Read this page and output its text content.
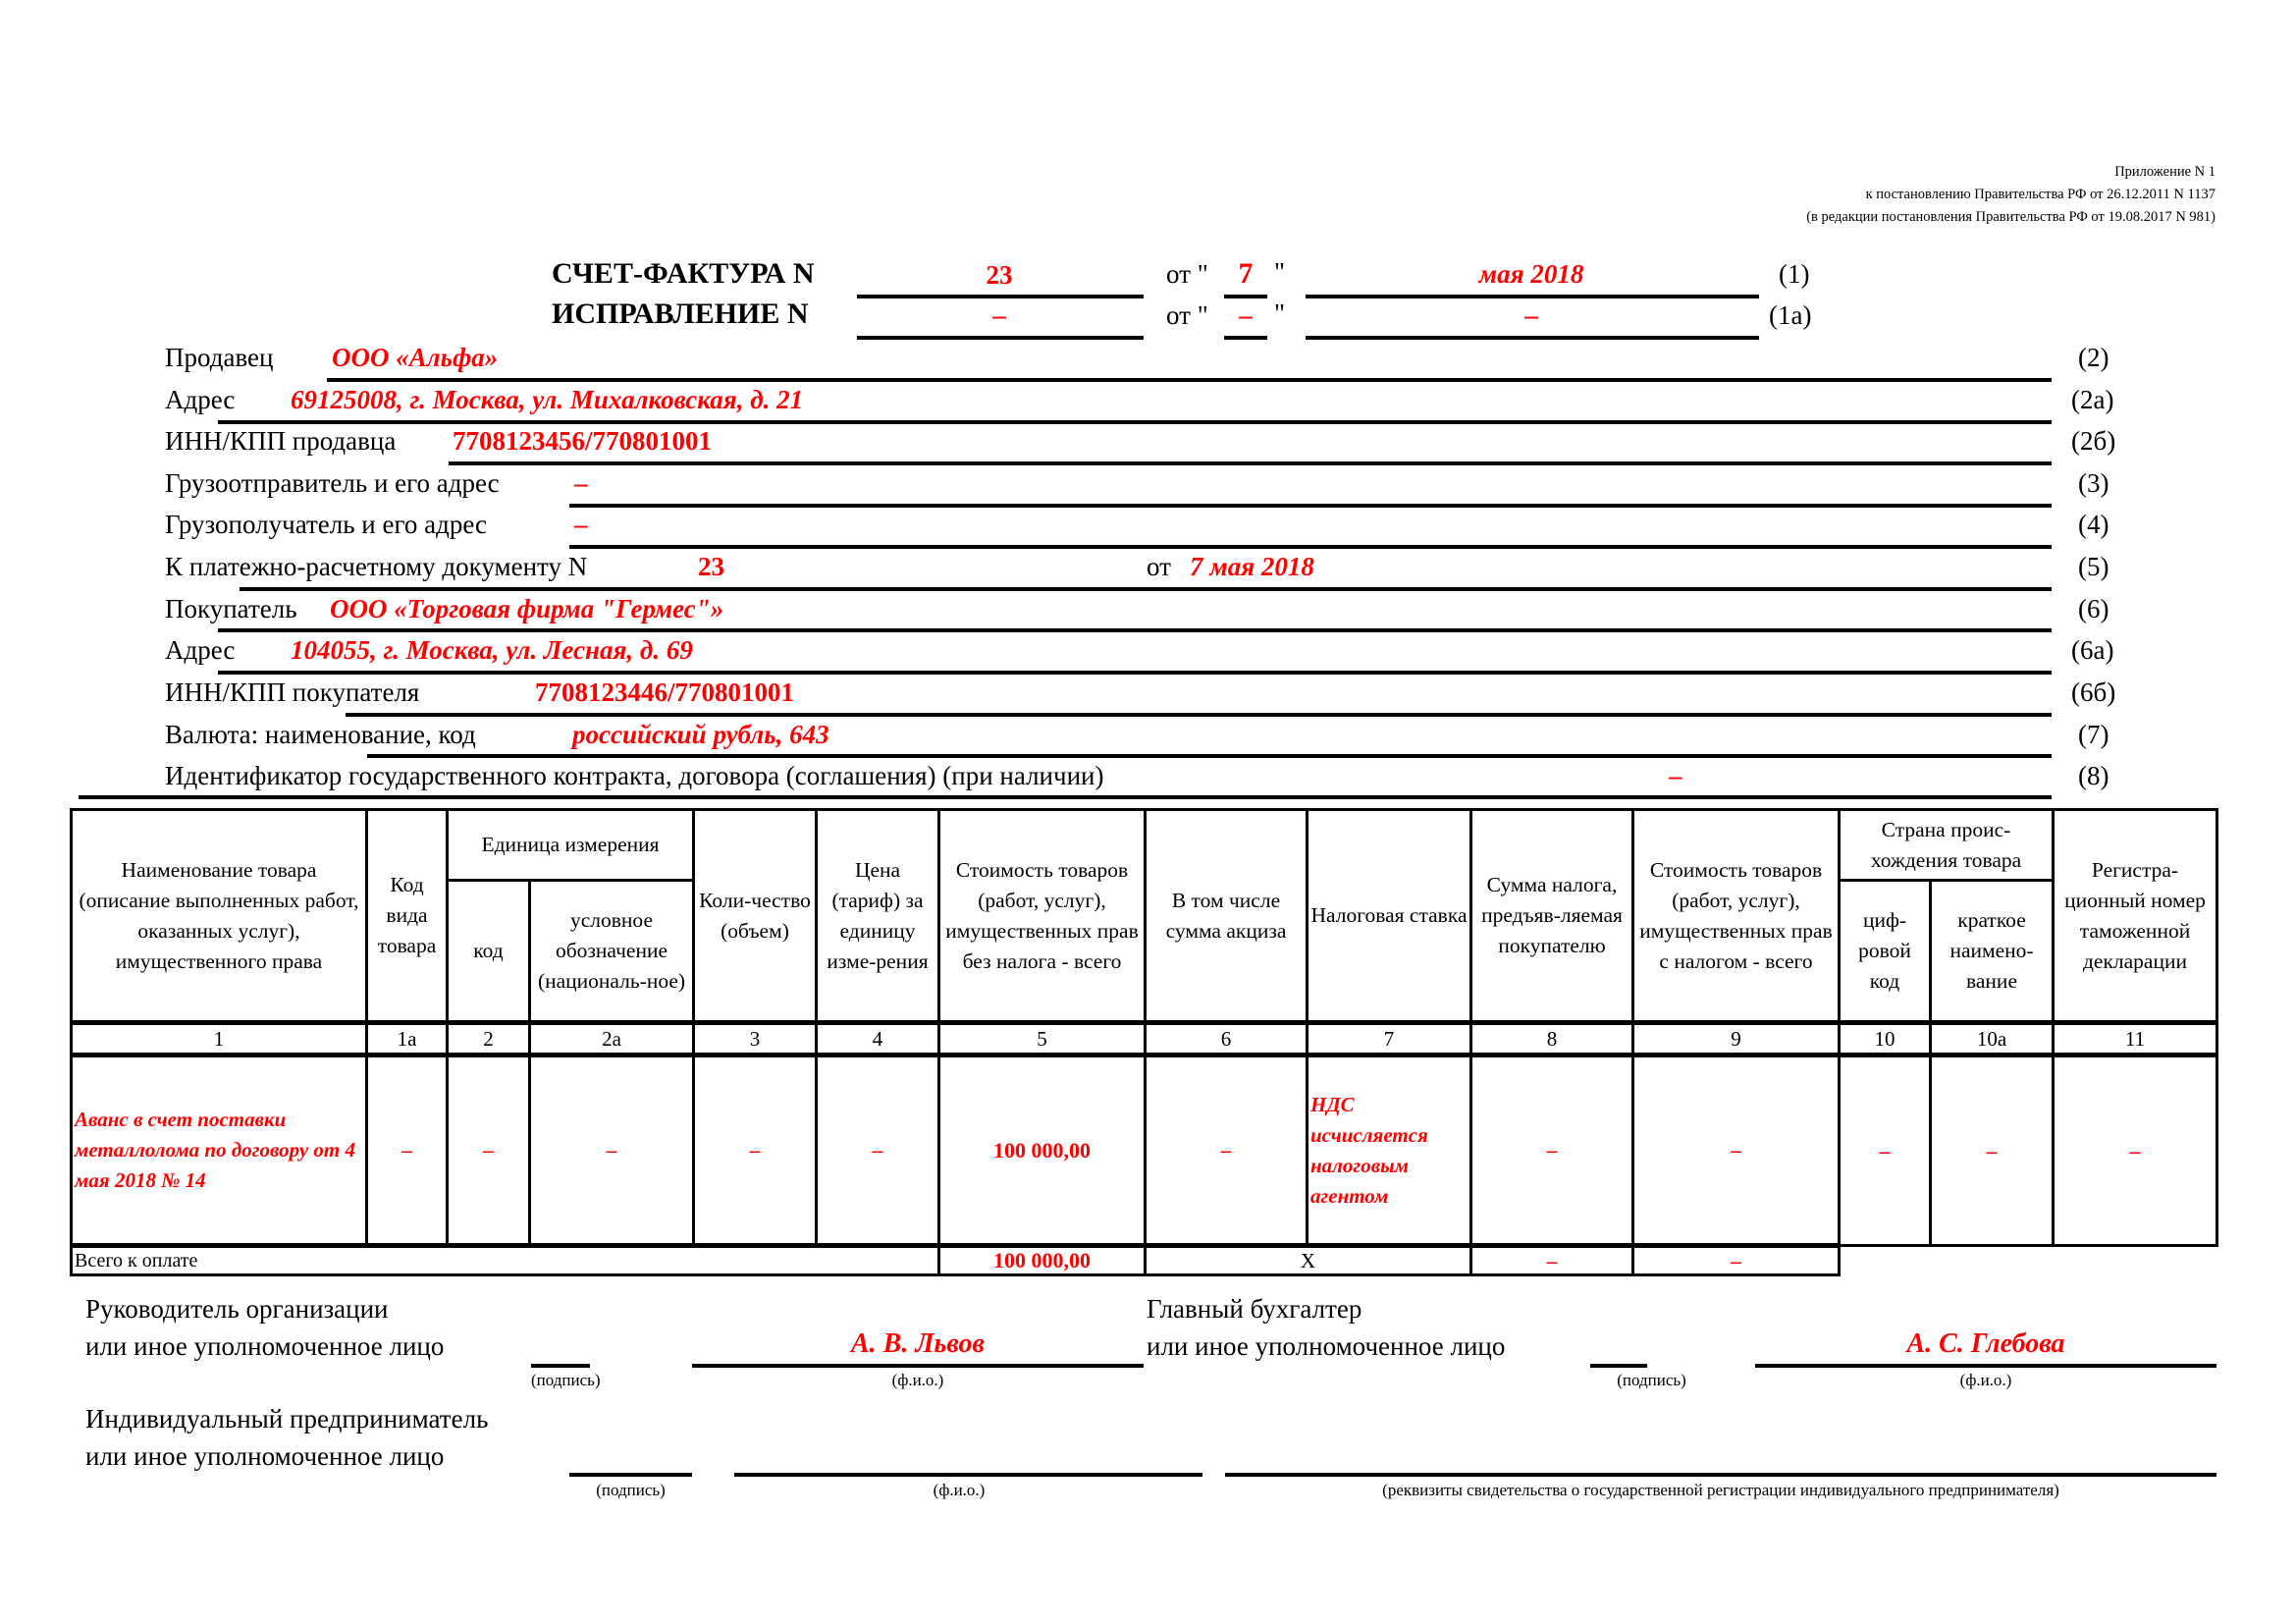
Приложение N 1
к постановлению Правительства РФ от 26.12.2011 N 1137
(в редакции постановления Правительства РФ от 19.08.2017 N 981)
СЧЕТ-ФАКТУРА N	23	от "	7 "	мая 2018	(1)
ИСПРАВЛЕНИЕ N	–	от "	– "	–	(1а)
Продавец ООО «Альфа»	(2)
Адрес 69125008, г. Москва, ул. Михалковская, д. 21	(2а)
ИНН/КПП продавца 7708123456/770801001	(2б)
Грузоотправитель и его адрес	–	(3)
Грузополучатель и его адрес	–	(4)
К платежно-расчетному документу N	23	от 7 мая 2018	(5)
Покупатель ООО «Торговая фирма "Гермес"»	(6)
Адрес 104055, г. Москва, ул. Лесная, д. 69	(6а)
ИНН/КПП покупателя	7708123446/770801001	(6б)
Валюта: наименование, код	российский рубль, 643	(7)
Идентификатор государственного контракта, договора (соглашения) (при наличии)	–	(8)
Наименование товара (описание выполненных работ, оказанных услуг), имущественного права	Код вида товара	Единица измерения		Коли-чество (объем)	Цена (тариф) за единицу изме-рения	Стоимость товаров (работ, услуг), имущественных прав без налога - всего	В том числе сумма акциза	Налоговая ставка	Сумма налога, предъяв-ляемая покупателю	Стоимость товаров (работ, услуг), имущественных прав с налогом - всего	Страна проис-хождения товара		Регистра-ционный номер таможенной декларации
		код	условное обозначение (националь-ное)								циф-ровой код	краткое наимено-вание	
1	1а	2	2а	3	4	5	6	7	8	9	10	10а	11
Аванс в счет поставки металлолома по договору от 4 мая 2018 № 14	–	–	–	–	–	100 000,00	–	НДС исчисляется налоговым агентом	–	–	–	–	–
Всего к оплате						100 000,00	X		–	–			
Руководитель организации
или иное уполномоченное лицо
(подпись)
А. В. Львов
(ф.и.о.)
Главный бухгалтер
или иное уполномоченное лицо
(подпись)
А. С. Глебова
(ф.и.о.)
Индивидуальный предприниматель
или иное уполномоченное лицо
(подпись)	(ф.и.о.)	(реквизиты свидетельства о государственной регистрации индивидуального предпринимателя)
